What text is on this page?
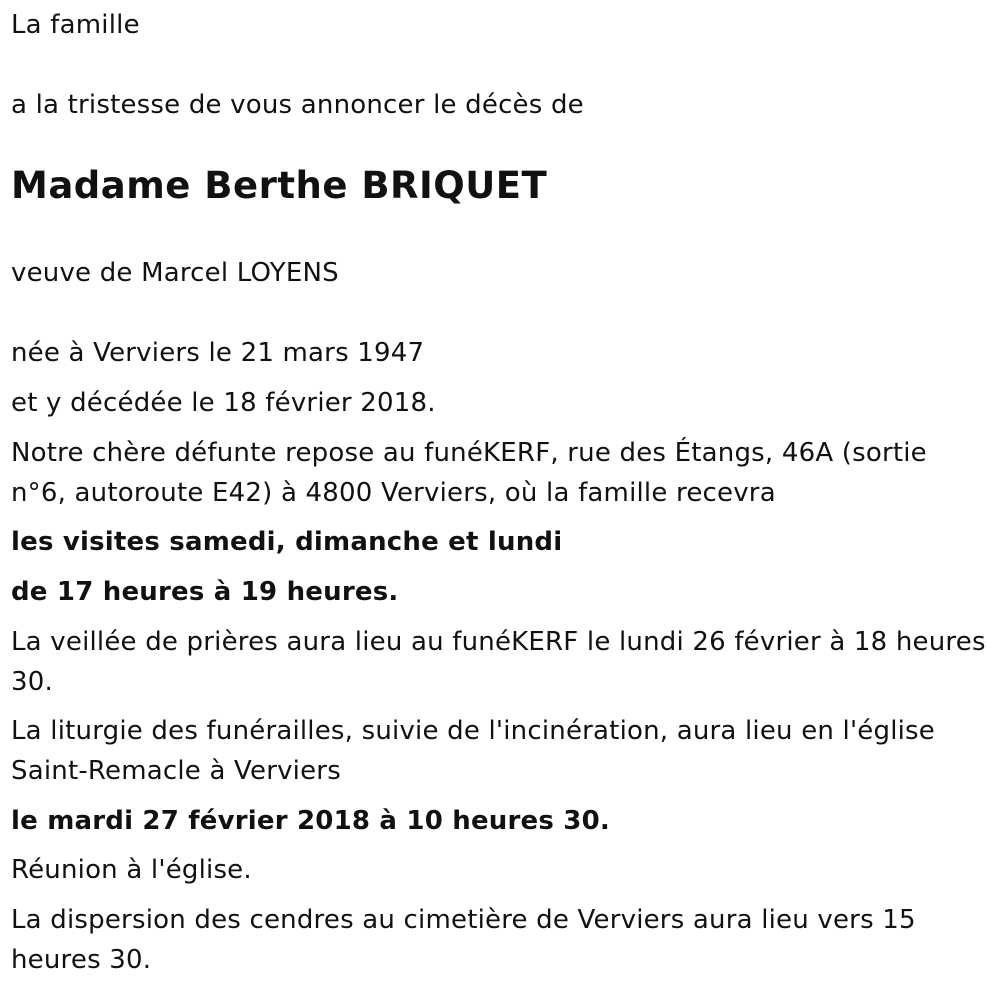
La famille
a la tristesse de vous annoncer le décès de
Madame Berthe BRIQUET
veuve de Marcel LOYENS
née à Verviers le 21 mars 1947
et y décédée le 18 février 2018.
Notre chère défunte repose au funéKERF, rue des Étangs, 46A (sortie
n°6, autoroute E42) à 4800 Verviers, où la famille recevra
les visites samedi, dimanche et lundi
de 17 heures à 19 heures.
La veillée de prières aura lieu au funéKERF le lundi 26 février à 18 heures
30.
La liturgie des funérailles, suivie de l'incinération, aura lieu en l'église
Saint-Remacle à Verviers
le mardi 27 février 2018 à 10 heures 30.
Réunion à l'église.
La dispersion des cendres au cimetière de Verviers aura lieu vers 15
heures 30.
